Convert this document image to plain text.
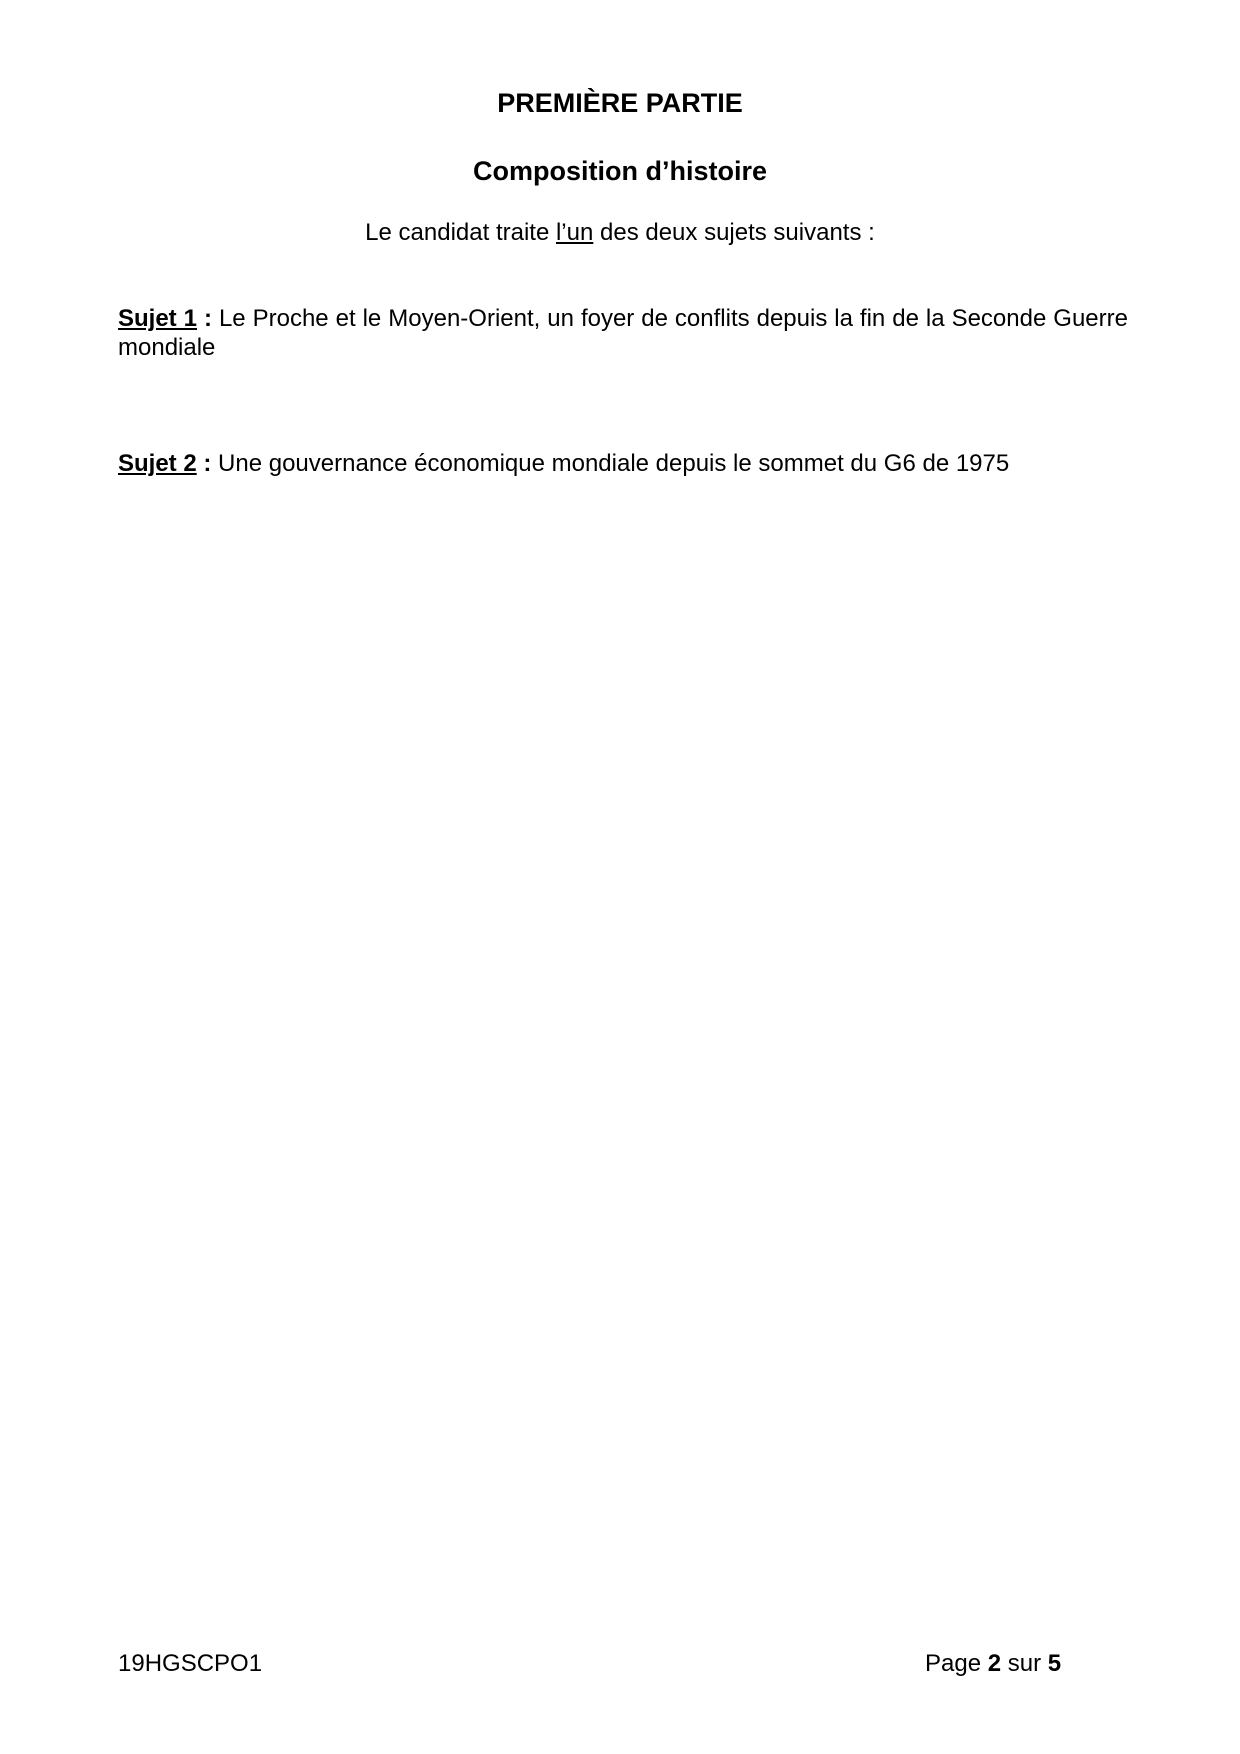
PREMIÈRE PARTIE
Composition d’histoire
Le candidat traite l’un des deux sujets suivants :
Sujet 1 : Le Proche et le Moyen-Orient, un foyer de conflits depuis la fin de la Seconde Guerre mondiale
Sujet 2 : Une gouvernance économique mondiale depuis le sommet du G6 de 1975
19HGSCPO1	Page 2 sur 5
